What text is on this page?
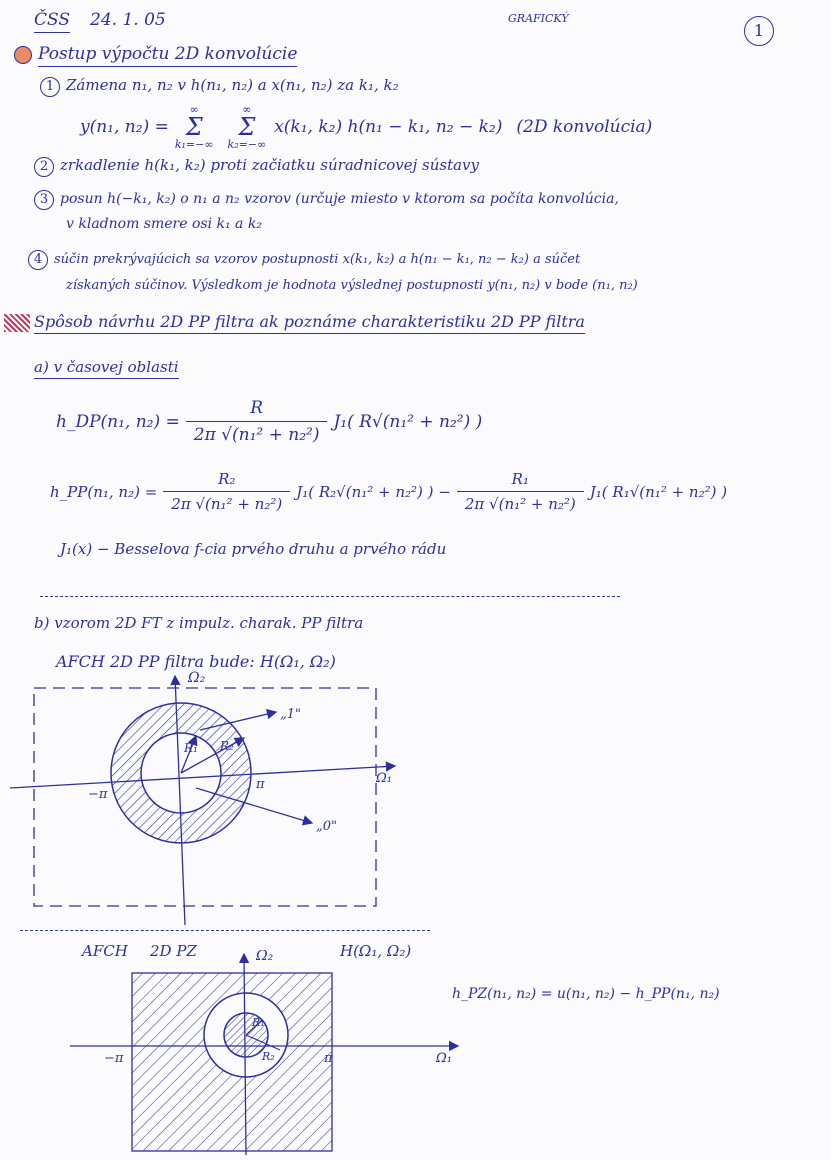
ČSS 24. 1. 05	GRAFICKÝ
1
Postup výpočtu 2D konvolúcie
1 Zámena n₁, n₂ v h(n₁, n₂) a x(n₁, n₂) za k₁, k₂
y(n₁, n₂) =
∞
Σ
k₁=−∞
∞
Σ
k₂=−∞
x(k₁, k₂) h(n₁ − k₁, n₂ − k₂) (2D konvolúcia)
2 zrkadlenie h(k₁, k₂) proti začiatku súradnicovej sústavy
3 posun h(−k₁, k₂) o n₁ a n₂ vzorov (určuje miesto v ktorom sa počíta konvolúcia,
v kladnom smere osi k₁ a k₂
4 súčin prekrývajúcich sa vzorov postupnosti x(k₁, k₂) a h(n₁ − k₁, n₂ − k₂) a súčet
získaných súčinov. Výsledkom je hodnota výslednej postupnosti y(n₁, n₂) v bode (n₁, n₂)
Spôsob návrhu 2D PP filtra ak poznáme charakteristiku 2D PP filtra
a) v časovej oblasti
h_DP(n₁, $n_2) = \frac{R}{\text{2π √(n₁² + n₂²)}} J_1$( R√(n₁² + n₂²) )
h_PP(n₁, $n_2) = \frac{\text{R₂}}{\text{2π √(n₁² + n₂²)}} J_1$( R₂√(n₁² + n₂²) ) − $\frac{\text{R₁}}{\text{2π √(n₁² + n₂²)}} J_1$( R₁√(n₁² + n₂²) )
J₁(x) − Besselova f-cia prvého druhu a prvého rádu
b) vzorom 2D FT z impulz. charak. PP filtra
AFCH 2D PP filtra bude: H(Ω₁, Ω₂)
Ω₂
Ω₁
R₁ R₂
π
−π
„1"
„0"
AFCH 2D PZ	H(Ω₁, Ω₂)
Ω₂
Ω₁
R₁
R₂	π
−π
h_PZ(n₁, n₂) = u(n₁, n₂) − h_PP(n₁, n₂)
